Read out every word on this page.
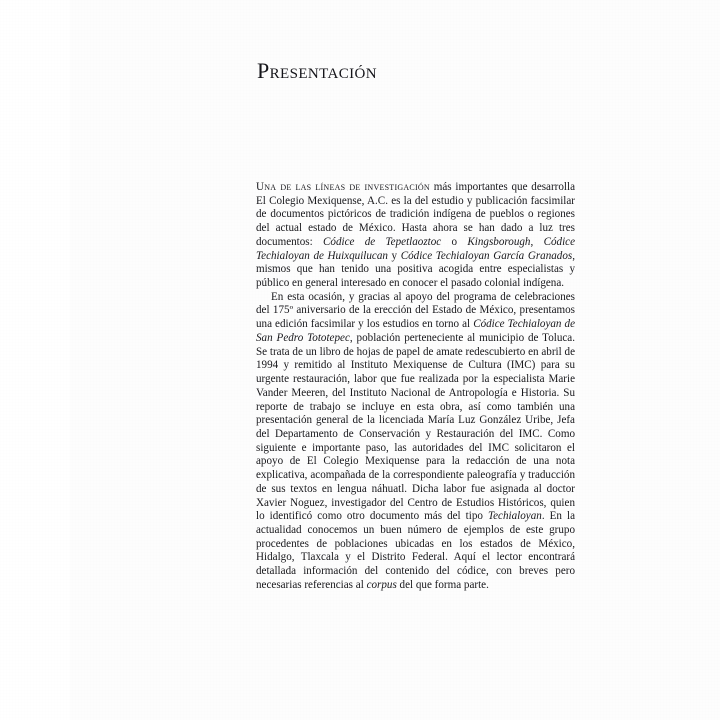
Presentación

Una de las líneas de investigación más importantes que desarrolla El Colegio Mexiquense, A.C. es la del estudio y publicación facsimilar de documentos pictóricos de tradición indígena de pueblos o regiones del actual estado de México. Hasta ahora se han dado a luz tres documentos: Códice de Tepetlaoztoc o Kingsborough, Códice Techialoyan de Huixquilucan y Códice Techialoyan García Granados, mismos que han tenido una positiva acogida entre especialistas y público en general interesado en conocer el pasado colonial indígena.

En esta ocasión, y gracias al apoyo del programa de celebraciones del 175º aniversario de la erección del Estado de México, presentamos una edición facsimilar y los estudios en torno al Códice Techialoyan de San Pedro Tototepec, población perteneciente al municipio de Toluca. Se trata de un libro de hojas de papel de amate redescubierto en abril de 1994 y remitido al Instituto Mexiquense de Cultura (IMC) para su urgente restauración, labor que fue realizada por la especialista Marie Vander Meeren, del Instituto Nacional de Antropología e Historia. Su reporte de trabajo se incluye en esta obra, así como también una presentación general de la licenciada María Luz González Uribe, Jefa del Departamento de Conservación y Restauración del IMC. Como siguiente e importante paso, las autoridades del IMC solicitaron el apoyo de El Colegio Mexiquense para la redacción de una nota explicativa, acompañada de la correspondiente paleografía y traducción de sus textos en lengua náhuatl. Dicha labor fue asignada al doctor Xavier Noguez, investigador del Centro de Estudios Históricos, quien lo identificó como otro documento más del tipo Techialoyan. En la actualidad conocemos un buen número de ejemplos de este grupo procedentes de poblaciones ubicadas en los estados de México, Hidalgo, Tlaxcala y el Distrito Federal. Aquí el lector encontrará detallada información del contenido del códice, con breves pero necesarias referencias al corpus del que forma parte.
